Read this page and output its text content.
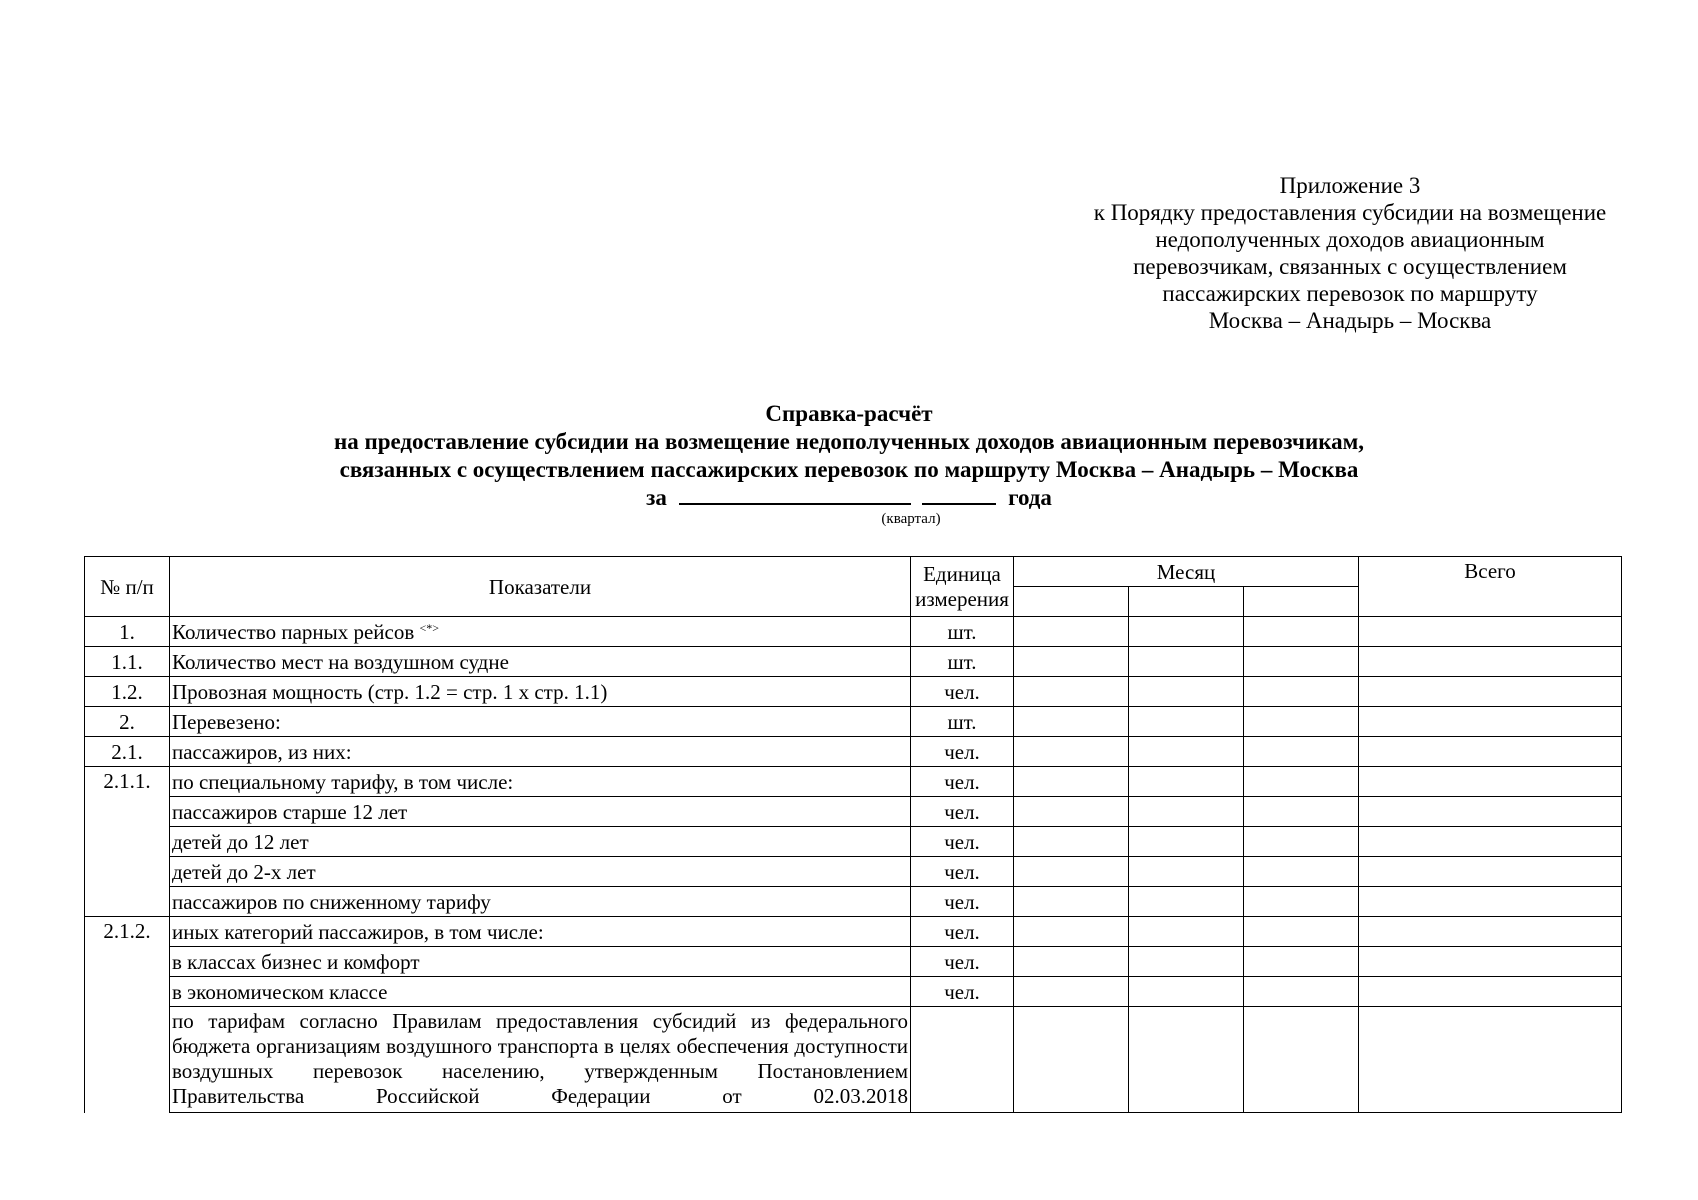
Приложение 3
к Порядку предоставления субсидии на возмещение
недополученных доходов авиационным
перевозчикам, связанных с осуществлением
пассажирских перевозок по маршруту
Москва – Анадырь – Москва
Справка-расчёт
на предоставление субсидии на возмещение недополученных доходов авиационным перевозчикам,
связанных с осуществлением пассажирских перевозок по маршруту Москва – Анадырь – Москва
за	года
(квартал)
№ п/п	Показатели	Единица измерения	Месяц			Всего

1.	Количество парных рейсов <*>	шт.				
1.1.	Количество мест на воздушном судне	шт.				
1.2.	Провозная мощность (стр. 1.2 = стр. 1 х стр. 1.1)	чел.				
2.	Перевезено:	шт.				
2.1.	пассажиров, из них:	чел.				
2.1.1.	по специальному тарифу, в том числе:	чел.				
	пассажиров старше 12 лет	чел.				
	детей до 12 лет	чел.				
	детей до 2-х лет	чел.				
	пассажиров по сниженному тарифу	чел.				
2.1.2.	иных категорий пассажиров, в том числе:	чел.				
	в классах бизнес и комфорт	чел.				
	в экономическом классе	чел.				
	по тарифам согласно Правилам предоставления субсидий из федерального бюджета организациям воздушного транспорта в целях обеспечения доступности воздушных перевозок населению, утвержденным Постановлением Правительства Российской Федерации от 02.03.2018					
